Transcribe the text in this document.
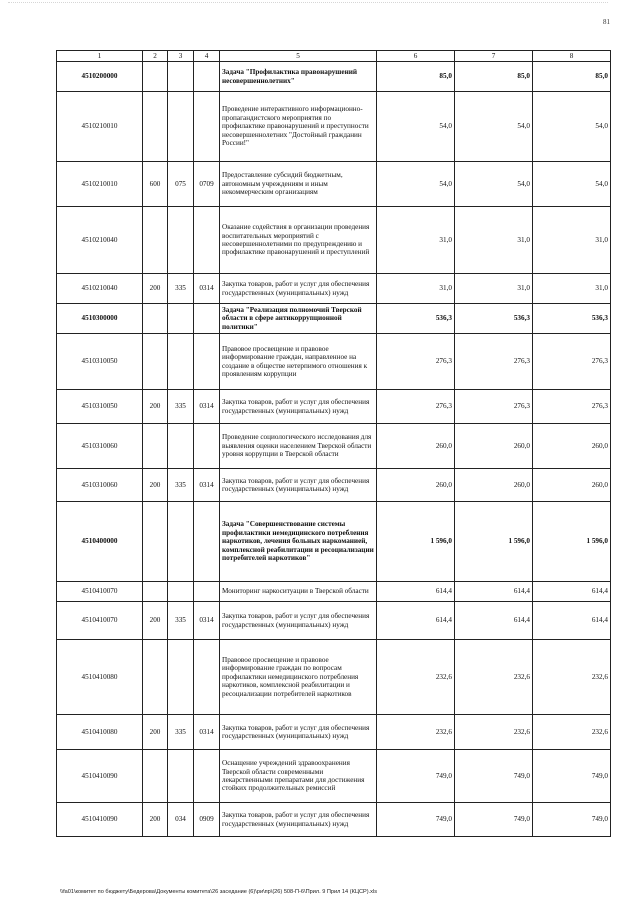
81
1	2	3	4	5	6	7	8
4510200000				Задача "Профилактика правонарушений несовершеннолетних"	85,0	85,0	85,0
4510210010				Проведение интерактивного информационно-пропагандистского мероприятия по профилактике правонарушений и преступности несовершеннолетних "Достойный гражданин России!"	54,0	54,0	54,0
4510210010	600	075	0709	Предоставление субсидий бюджетным, автономным учреждениям и иным некоммерческим организациям	54,0	54,0	54,0
4510210040				Оказание содействия в организации проведения воспитательных мероприятий с несовершеннолетними по предупреждению и профилактике правонарушений и преступлений	31,0	31,0	31,0
4510210040	200	335	0314	Закупка товаров, работ и услуг для обеспечения государственных (муниципальных) нужд	31,0	31,0	31,0
4510300000				Задача "Реализация полномочий Тверской области в сфере антикоррупционной политики"	536,3	536,3	536,3
4510310050				Правовое просвещение и правовое информирование граждан, направленное на создание в обществе нетерпимого отношения к проявлениям коррупции	276,3	276,3	276,3
4510310050	200	335	0314	Закупка товаров, работ и услуг для обеспечения государственных (муниципальных) нужд	276,3	276,3	276,3
4510310060				Проведение социологического исследования для выявления оценки населением Тверской области уровня коррупции в Тверской области	260,0	260,0	260,0
4510310060	200	335	0314	Закупка товаров, работ и услуг для обеспечения государственных (муниципальных) нужд	260,0	260,0	260,0
4510400000				Задача "Совершенствование системы профилактики немедицинского потребления наркотиков, лечения больных наркоманией, комплексной реабилитации и ресоциализации потребителей наркотиков"	1 596,0	1 596,0	1 596,0
4510410070				Мониторинг наркоситуации в Тверской области	614,4	614,4	614,4
4510410070	200	335	0314	Закупка товаров, работ и услуг для обеспечения государственных (муниципальных) нужд	614,4	614,4	614,4
4510410080				Правовое просвещение и правовое информирование граждан по вопросам профилактики немедицинского потребления наркотиков, комплексной реабилитации и ресоциализации потребителей наркотиков	232,6	232,6	232,6
4510410080	200	335	0314	Закупка товаров, работ и услуг для обеспечения государственных (муниципальных) нужд	232,6	232,6	232,6
4510410090				Оснащение учреждений здравоохранения Тверской области современными лекарственными препаратами для достижения стойких продолжительных ремиссий	749,0	749,0	749,0
4510410090	200	034	0909	Закупка товаров, работ и услуг для обеспечения государственных (муниципальных) нужд	749,0	749,0	749,0
\\fa01\комитет по бюджету\Бедерова\Документы комитета\26 заседание (6)\ри\пр\(26) 508-П-6\Прил. 9 Прил 14 (КЦСР).xls
